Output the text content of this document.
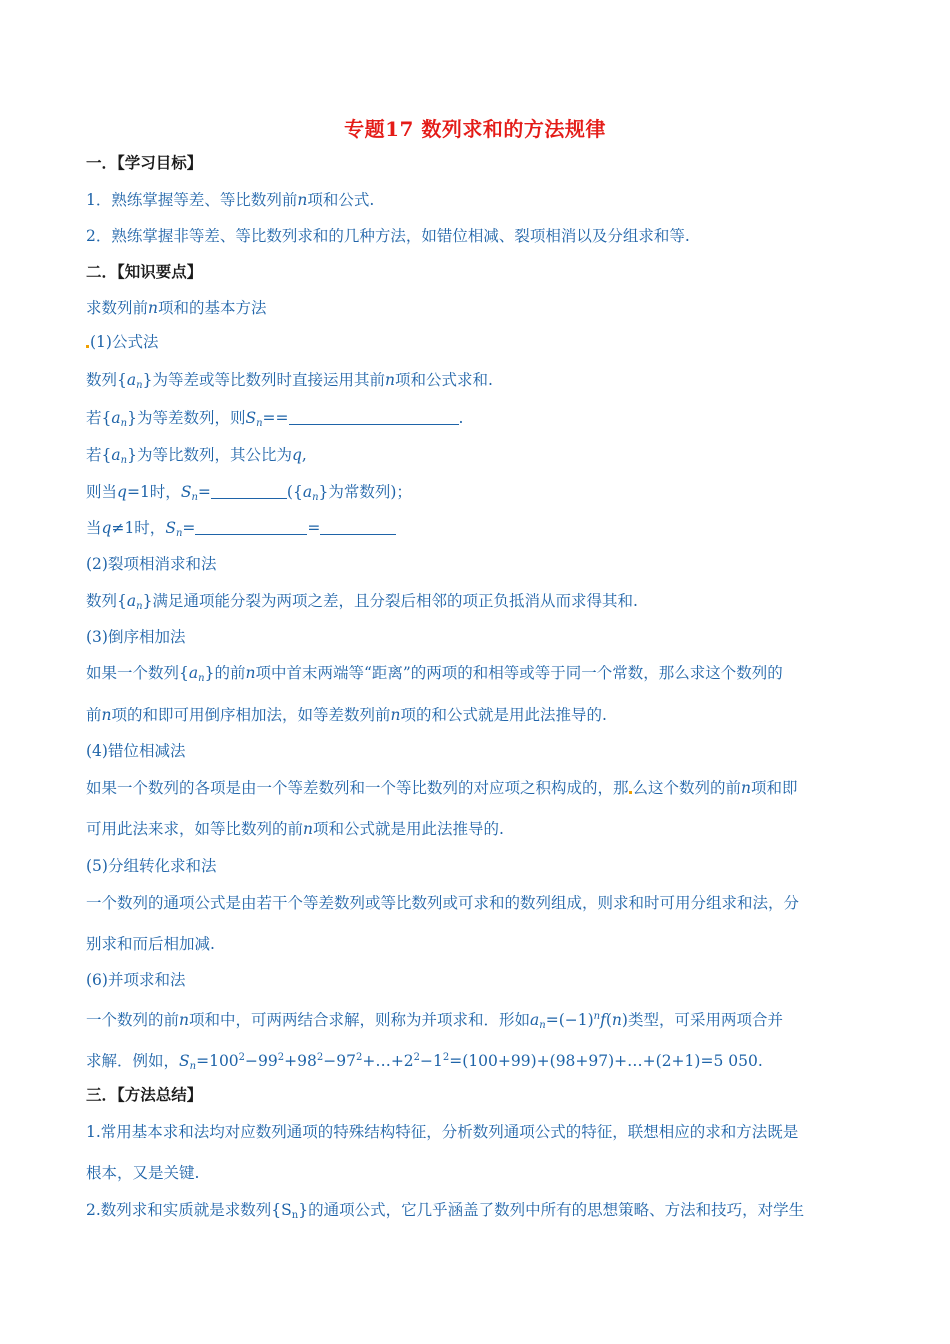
专题17 数列求和的方法规律
一．【学习目标】
1．熟练掌握等差、等比数列前n项和公式.
2．熟练掌握非等差、等比数列求和的几种方法，如错位相减、裂项相消以及分组求和等.
二．【知识要点】
求数列前n项和的基本方法
(1)公式法
数列$\{a_n\}$为等差或等比数列时直接运用其前n项和公式求和.
若$\{a_n\}$为等差数列，则$S_n==$	.
若$\{a_n\}$为等比数列，其公比为q,
则当q=1时，$S_n=$	($\{a_n\}$为常数列)；
当q≠1时，$S_n=$	=
(2)裂项相消求和法
数列$\{a_n\}$满足通项能分裂为两项之差，且分裂后相邻的项正负抵消从而求得其和.
(3)倒序相加法
如果一个数列$\{a_n\}$的前n项中首末两端等“距离”的两项的和相等或等于同一个常数，那么求这个数列的
前n项的和即可用倒序相加法，如等差数列前n项的和公式就是用此法推导的.
(4)错位相减法
如果一个数列的各项是由一个等差数列和一个等比数列的对应项之积构成的，那 么这个数列的前n项和即
可用此法来求，如等比数列的前n项和公式就是用此法推导的.
(5)分组转化求和法
一个数列的通项公式是由若干个等差数列或等比数列或可求和的数列组成，则求和时可用分组求和法，分
别求和而后相加减.
(6)并项求和法
一个数列的前n项和中，可两两结合求解，则称为并项求和．形如$a_n=(-1)^nf(n)$类型，可采用两项合并
求解．例如，$S_n=100^2-99^2+98^2-97^2+\dots+2^2-1^2=(100+99)+(98+97)+\dots+(2+1)=5$ 050.
三．【方法总结】
1.常用基本求和法均对应数列通项的特殊结构特征，分析数列通项公式的特征，联想相应的求和方法既是
根本，又是关键.
2.数列求和实质就是求数列$\{S_n\}$的通项公式，它几乎涵盖了数列中所有的思想策略、方法和技巧，对学生
